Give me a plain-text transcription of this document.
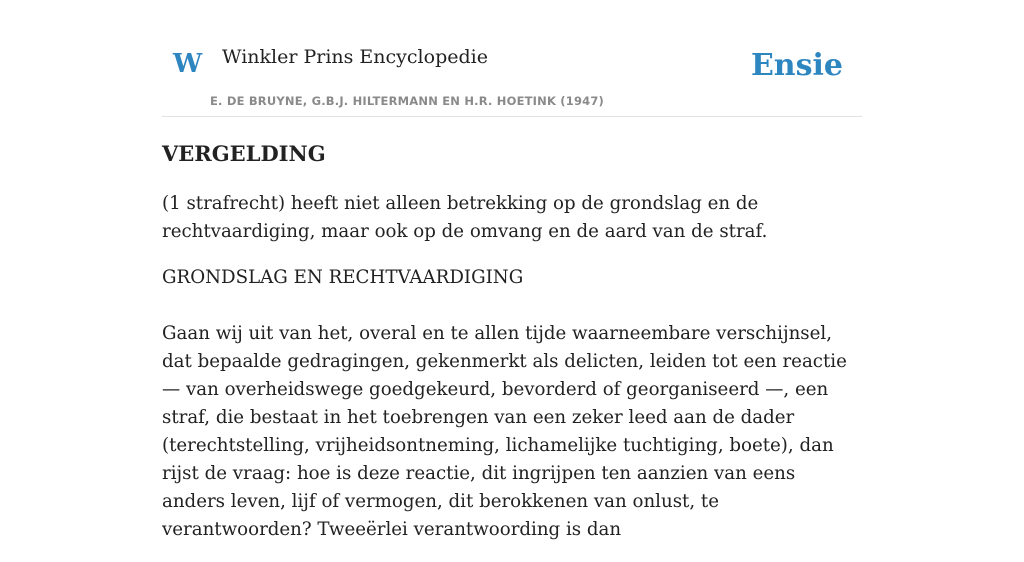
W Winkler Prins Encyclopedie
E. DE BRUYNE, G.B.J. HILTERMANN EN H.R. HOETINK (1947)
Ensie
VERGELDING

(1 strafrecht) heeft niet alleen betrekking op de grondslag en de rechtvaardiging, maar ook op de omvang en de aard van de straf.

GRONDSLAG EN RECHTVAARDIGING

Gaan wij uit van het, overal en te allen tijde waarneembare verschijnsel, dat bepaalde gedragingen, gekenmerkt als delicten, leiden tot een reactie — van overheidswege goedgekeurd, bevorderd of georganiseerd —, een straf, die bestaat in het toebrengen van een zeker leed aan de dader (terechtstelling, vrijheidsontneming, lichamelijke tuchtiging, boete), dan rijst de vraag: hoe is deze reactie, dit ingrijpen ten aanzien van eens anders leven, lijf of vermogen, dit berokkenen van onlust, te verantwoorden? Tweeërlei verantwoording is dan
